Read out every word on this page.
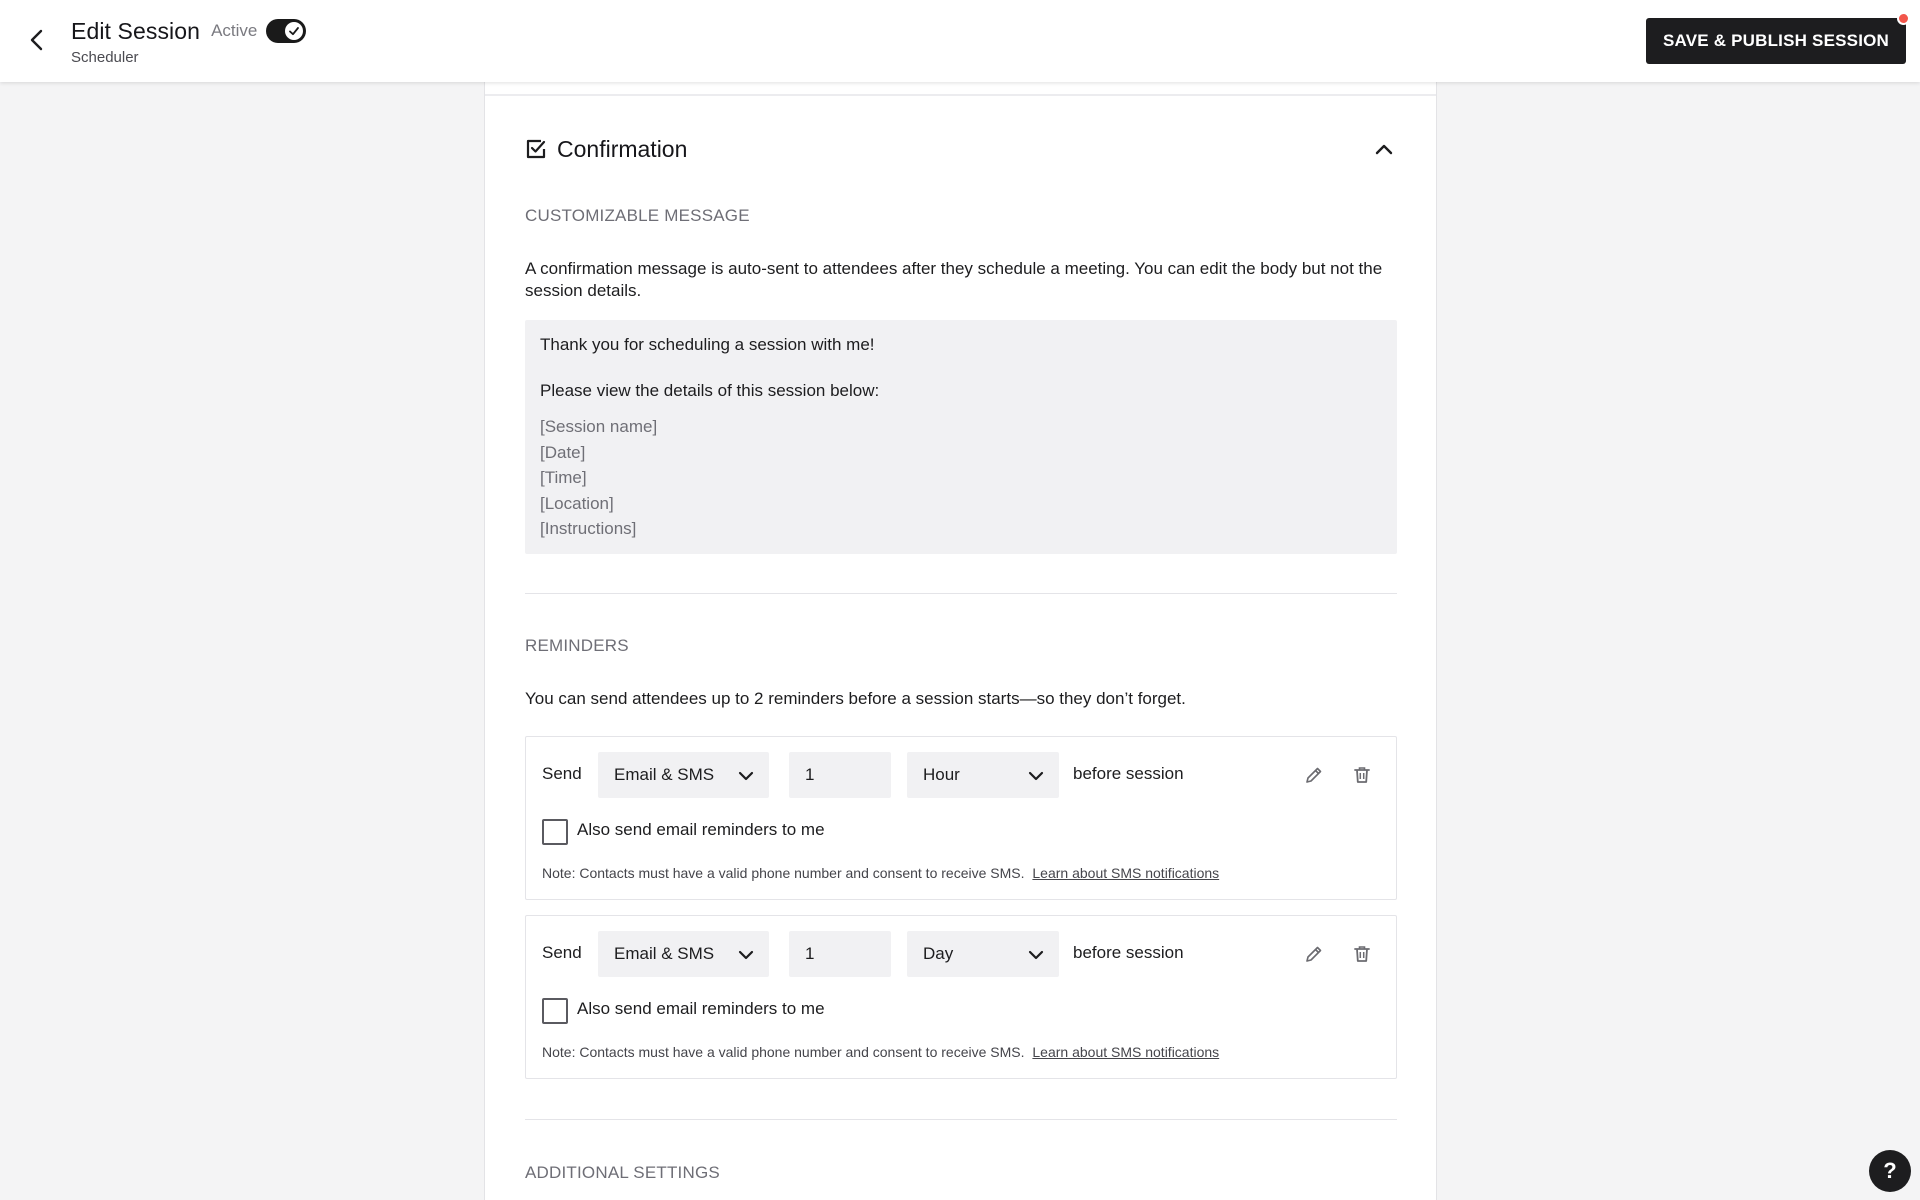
Edit Session Active
Scheduler
SAVE & PUBLISH SESSION
Confirmation
CUSTOMIZABLE MESSAGE
A confirmation message is auto-sent to attendees after they schedule a meeting. You can edit the body but not the session details.
Thank you for scheduling a session with me!
Please view the details of this session below:
[Session name]
[Date]
[Time]
[Location]
[Instructions]
REMINDERS
You can send attendees up to 2 reminders before a session starts—so they don’t forget.
Send Email & SMS
1	Hour	before session
Also send email reminders to me
Note: Contacts must have a valid phone number and consent to receive SMS. Learn about SMS notifications
Send Email & SMS
1	Day	before session
Also send email reminders to me
Note: Contacts must have a valid phone number and consent to receive SMS. Learn about SMS notifications
ADDITIONAL SETTINGS	?
